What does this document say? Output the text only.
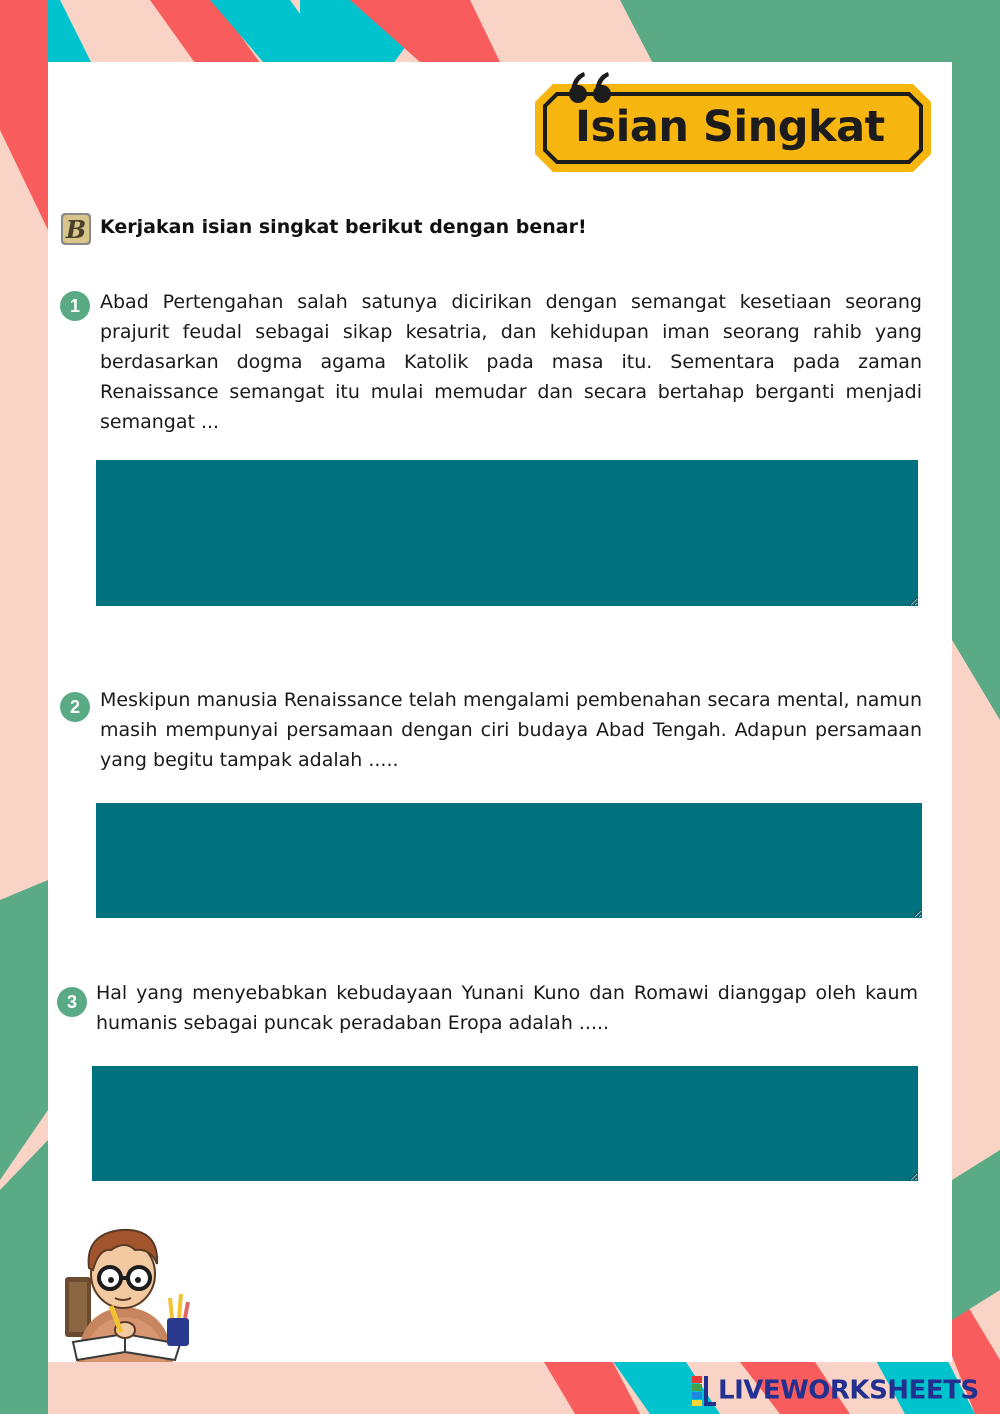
Isian Singkat
B Kerjakan isian singkat berikut dengan benar!
1	Abad Pertengahan salah satunya dicirikan dengan semangat kesetiaan seorang prajurit feudal sebagai sikap kesatria, dan kehidupan iman seorang rahib yang berdasarkan dogma agama Katolik pada masa itu. Sementara pada zaman Renaissance semangat itu mulai memudar dan secara bertahap berganti menjadi semangat ...
2	Meskipun manusia Renaissance telah mengalami pembenahan secara mental, namun masih mempunyai persamaan dengan ciri budaya Abad Tengah. Adapun persamaan yang begitu tampak adalah .....
3	Hal yang menyebabkan kebudayaan Yunani Kuno dan Romawi dianggap oleh kaum humanis sebagai puncak peradaban Eropa adalah .....
LIVEWORKSHEETS
